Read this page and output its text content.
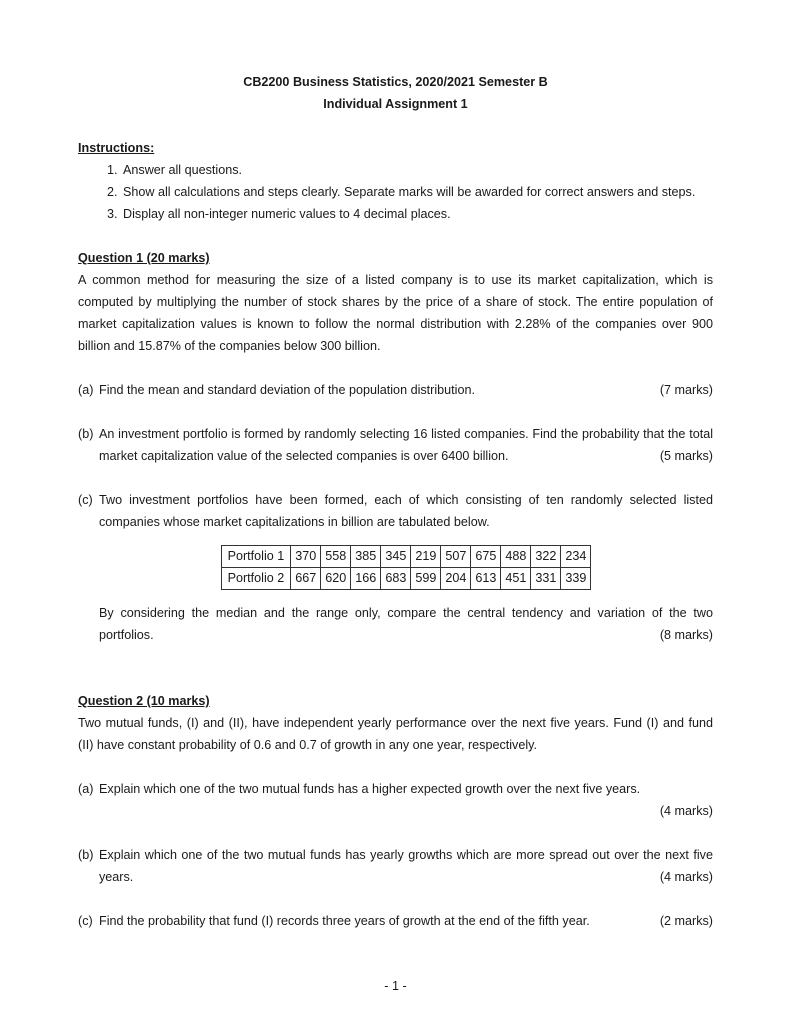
CB2200 Business Statistics, 2020/2021 Semester B
Individual Assignment 1
Instructions:
1. Answer all questions.
2. Show all calculations and steps clearly. Separate marks will be awarded for correct answers and steps.
3. Display all non-integer numeric values to 4 decimal places.
Question 1 (20 marks)

A common method for measuring the size of a listed company is to use its market capitalization, which is computed by multiplying the number of stock shares by the price of a share of stock. The entire population of market capitalization values is known to follow the normal distribution with 2.28% of the companies over 900 billion and 15.87% of the companies below 300 billion.

(a) Find the mean and standard deviation of the population distribution.	(7 marks)
(b) An investment portfolio is formed by randomly selecting 16 listed companies. Find the probability that the total market capitalization value of the selected companies is over 6400 billion.	(5 marks)
(c) Two investment portfolios have been formed, each of which consisting of ten randomly selected listed companies whose market capitalizations in billion are tabulated below.
Portfolio 1	370	558	385	345	219	507	675	488	322	234
Portfolio 2	667	620	166	683	599	204	613	451	331	339
By considering the median and the range only, compare the central tendency and variation of the two portfolios.	(8 marks)
Question 2 (10 marks)

Two mutual funds, (I) and (II), have independent yearly performance over the next five years. Fund (I) and fund (II) have constant probability of 0.6 and 0.7 of growth in any one year, respectively.

(a) Explain which one of the two mutual funds has a higher expected growth over the next five years.
(4 marks)
(b) Explain which one of the two mutual funds has yearly growths which are more spread out over the next five years.	(4 marks)
(c) Find the probability that fund (I) records three years of growth at the end of the fifth year.	(2 marks)
- 1 -
